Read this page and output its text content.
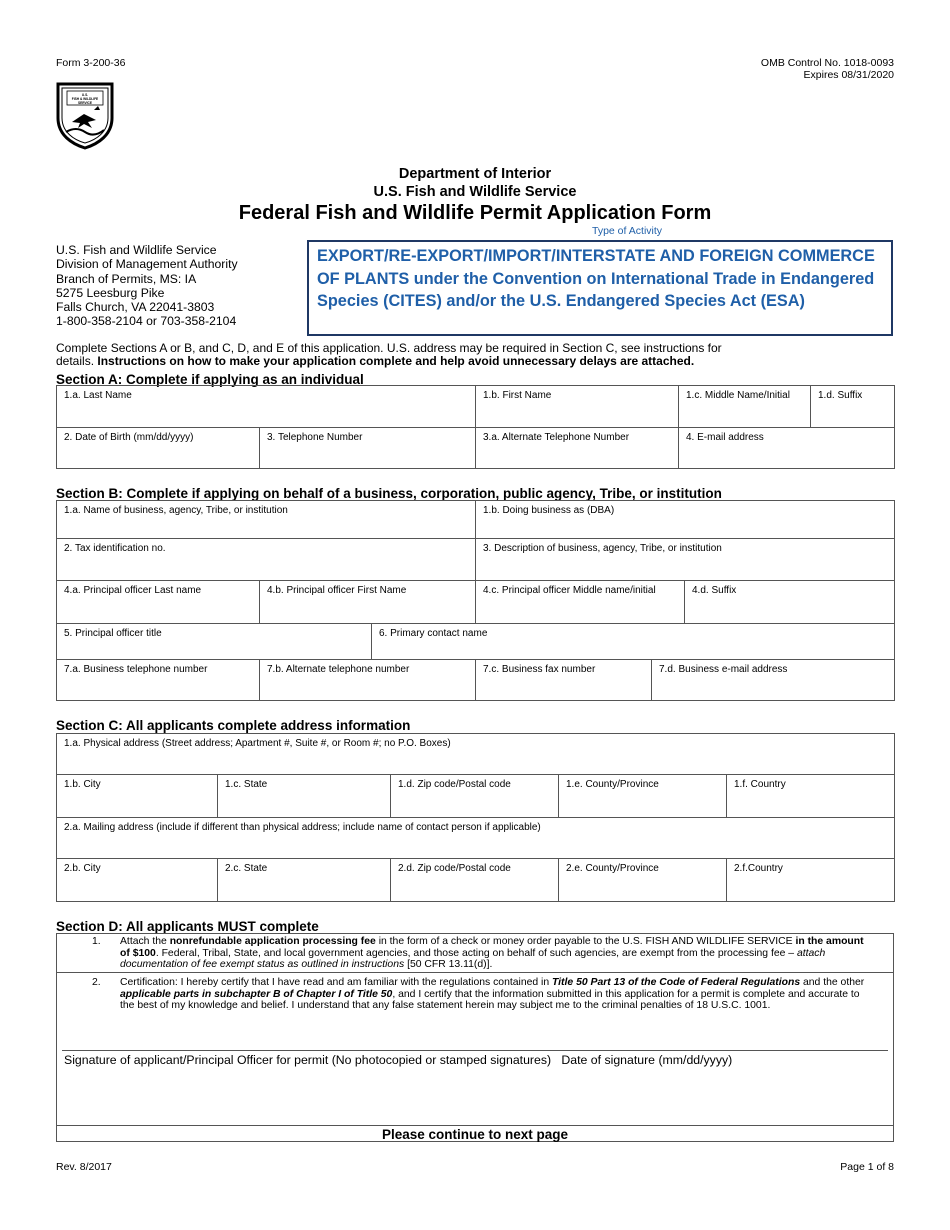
Form 3-200-36	OMB Control No. 1018-0093
Expires 08/31/2020
U.S.
FISH & WILDLIFE
SERVICE
Department of Interior
U.S. Fish and Wildlife Service
Federal Fish and Wildlife Permit Application Form
Type of Activity
U.S. Fish and Wildlife Service
Division of Management Authority
Branch of Permits, MS: IA
5275 Leesburg Pike
Falls Church, VA 22041-3803
1-800-358-2104 or 703-358-2104
EXPORT/RE-EXPORT/IMPORT/INTERSTATE AND FOREIGN COMMERCE OF PLANTS under the Convention on International Trade in Endangered Species (CITES) and/or the U.S. Endangered Species Act (ESA)
Complete Sections A or B, and C, D, and E of this application. U.S. address may be required in Section C, see instructions for
details. Instructions on how to make your application complete and help avoid unnecessary delays are attached.
Section A: Complete if applying as an individual
1.a. Last Name		1.b. First Name	1.c. Middle Name/Initial	1.d. Suffix
2. Date of Birth (mm/dd/yyyy)	3. Telephone Number	3.a. Alternate Telephone Number	4. E-mail address	
Section B: Complete if applying on behalf of a business, corporation, public agency, Tribe, or institution
1.a. Name of business, agency, Tribe, or institution			1.b. Doing business as (DBA)		
2. Tax identification no.			3. Description of business, agency, Tribe, or institution		
4.a. Principal officer Last name	4.b. Principal officer First Name		4.c. Principal officer Middle name/initial		4.d. Suffix
5. Principal officer title		6. Primary contact name			
7.a. Business telephone number	7.b. Alternate telephone number		7.c. Business fax number	7.d. Business e-mail address	
Section C: All applicants complete address information
1.a. Physical address (Street address; Apartment #, Suite #, or Room #; no P.O. Boxes)				
1.b. City	1.c. State	1.d. Zip code/Postal code	1.e. County/Province	1.f. Country
2.a. Mailing address (include if different than physical address; include name of contact person if applicable)				
2.b. City	2.c. State	2.d. Zip code/Postal code	2.e. County/Province	2.f.Country
Section D: All applicants MUST complete
1. Attach the nonrefundable application processing fee in the form of a check or money order payable to the U.S. FISH AND WILDLIFE SERVICE in the amount of $100. Federal, Tribal, State, and local government agencies, and those acting on behalf of such agencies, are exempt from the processing fee – attach documentation of fee exempt status as outlined in instructions [50 CFR 13.11(d)].
2. Certification: I hereby certify that I have read and am familiar with the regulations contained in Title 50 Part 13 of the Code of Federal Regulations and the other applicable parts in subchapter B of Chapter I of Title 50, and I certify that the information submitted in this application for a permit is complete and accurate to the best of my knowledge and belief. I understand that any false statement herein may subject me to the criminal penalties of 18 U.S.C. 1001.
Signature of applicant/Principal Officer for permit (No photocopied or stamped signatures) Date of signature (mm/dd/yyyy)
Please continue to next page
Rev. 8/2017	Page 1 of 8
